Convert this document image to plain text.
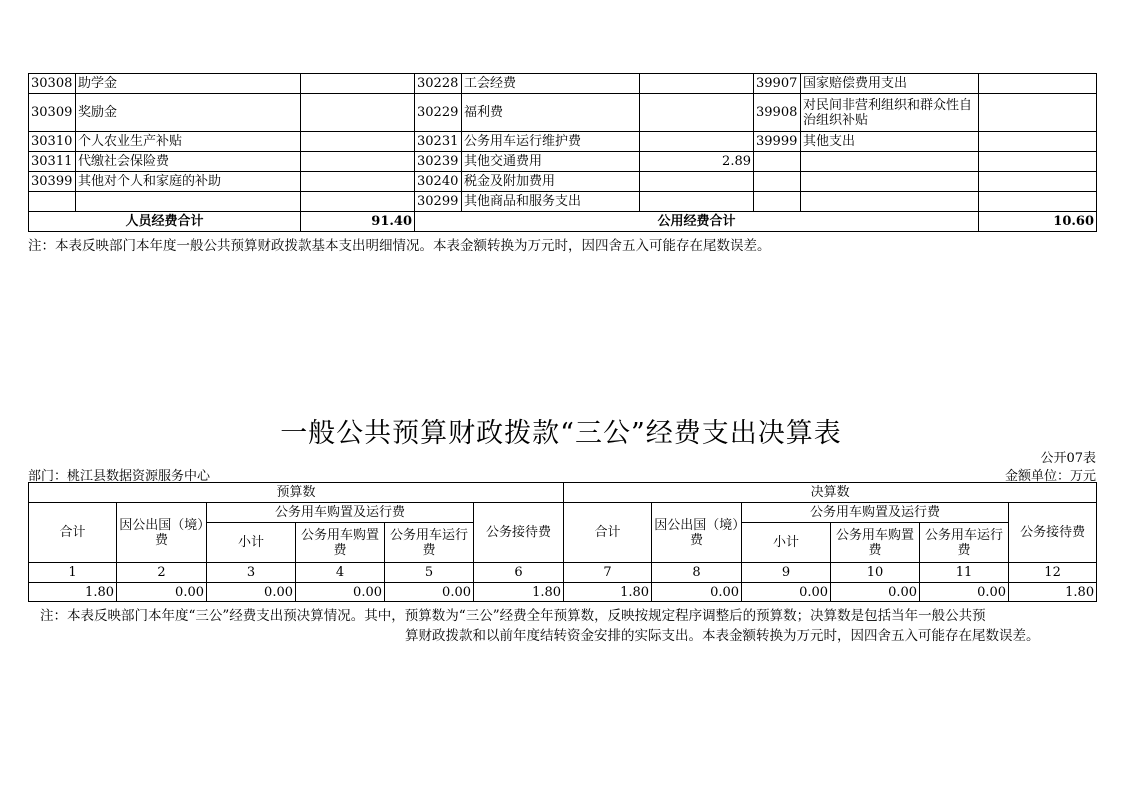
30308	助学金		30228	工会经费		39907	国家赔偿费用支出	
30309	奖励金		30229	福利费		39908	对民间非营利组织和群众性自治组织补贴	
30310	个人农业生产补贴		30231	公务用车运行维护费		39999	其他支出	
30311	代缴社会保险费		30239	其他交通费用	2.89			
30399	其他对个人和家庭的补助		30240	税金及附加费用				
			30299	其他商品和服务支出				
人员经费合计		91.40	公用经费合计					10.60
注：本表反映部门本年度一般公共预算财政拨款基本支出明细情况。本表金额转换为万元时，因四舍五入可能存在尾数误差。
一般公共预算财政拨款“三公”经费支出决算表
公开07表
部门：桃江县数据资源服务中心	金额单位：万元
预算数						决算数					
合计	因公出国（境）费	公务用车购置及运行费			公务接待费	合计	因公出国（境）费	公务用车购置及运行费			公务接待费
		小计	公务用车购置费	公务用车运行费				小计	公务用车购置费	公务用车运行费	
1	2	3	4	5	6	7	8	9	10	11	12
1.80	0.00	0.00	0.00	0.00	1.80	1.80	0.00	0.00	0.00	0.00	1.80
注：本表反映部门本年度“三公”经费支出预决算情况。其中，预算数为“三公”经费全年预算数，反映按规定程序调整后的预算数；决算数是包括当年一般公共预
算财政拨款和以前年度结转资金安排的实际支出。本表金额转换为万元时，因四舍五入可能存在尾数误差。
